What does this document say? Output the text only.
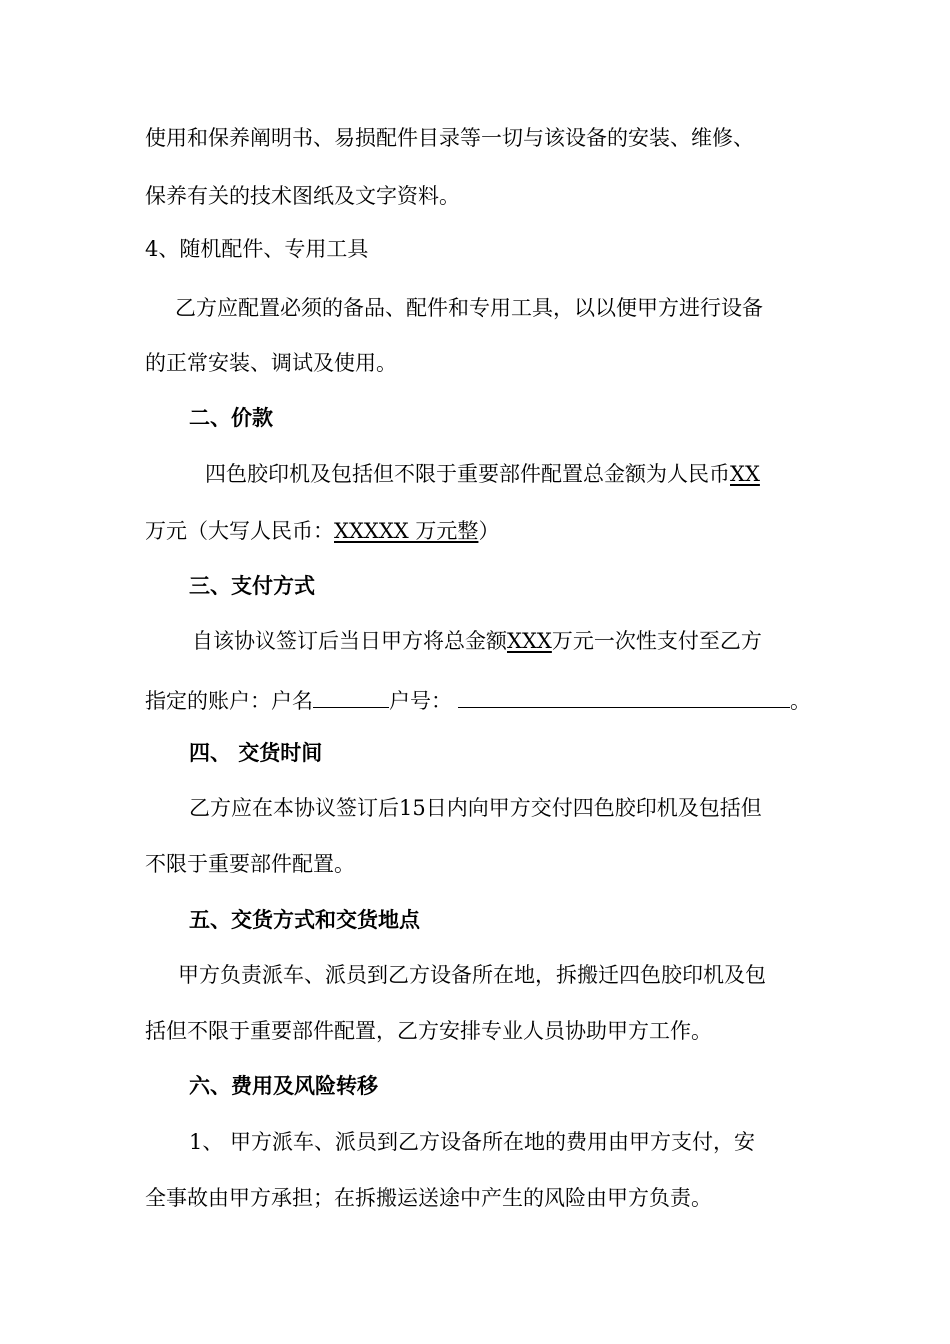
使用和保养阐明书、易损配件目录等一切与该设备的安装、维修、

保养有关的技术图纸及文字资料。

4、随机配件、专用工具

乙方应配置必须的备品、配件和专用工具，以以便甲方进行设备

的正常安装、调试及使用。

二、价款

四色胶印机及包括但不限于重要部件配置总金额为人民币XX

万元（大写人民币：XXXXX 万元整）

三、支付方式

自该协议签订后当日甲方将总金额XXX万元一次性支付至乙方

指定的账户：户名	户号：	。

四、 交货时间

乙方应在本协议签订后15日内向甲方交付四色胶印机及包括但

不限于重要部件配置。

五、交货方式和交货地点

甲方负责派车、派员到乙方设备所在地，拆搬迁四色胶印机及包

括但不限于重要部件配置，乙方安排专业人员协助甲方工作。

六、费用及风险转移

1、 甲方派车、派员到乙方设备所在地的费用由甲方支付，安

全事故由甲方承担；在拆搬运送途中产生的风险由甲方负责。
